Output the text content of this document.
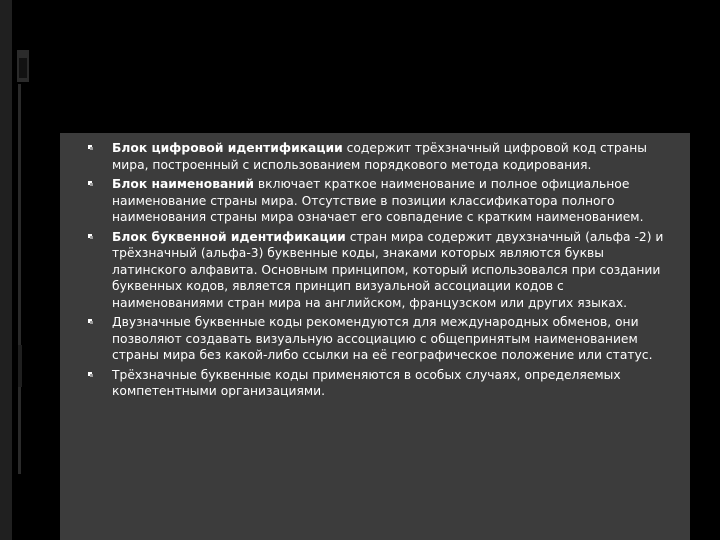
Блок цифровой идентификации содержит трёхзначный цифровой код страны мира, построенный с использованием порядкового метода кодирования.
Блок наименований включает краткое наименование и полное официальное наименование страны мира. Отсутствие в позиции классификатора полного наименования страны мира означает его совпадение с кратким наименованием.
Блок буквенной идентификации стран мира содержит двухзначный (альфа -2) и трёхзначный (альфа-3) буквенные коды, знаками которых являются буквы латинского алфавита. Основным принципом, который использовался при создании буквенных кодов, является принцип визуальной ассоциации кодов с наименованиями стран мира на английском, французском или других языках.
Двузначные буквенные коды рекомендуются для международных обменов, они позволяют создавать визуальную ассоциацию с общепринятым наименованием страны мира без какой-либо ссылки на её географическое положение или статус.
Трёхзначные буквенные коды применяются в особых случаях, определяемых компетентными организациями.
